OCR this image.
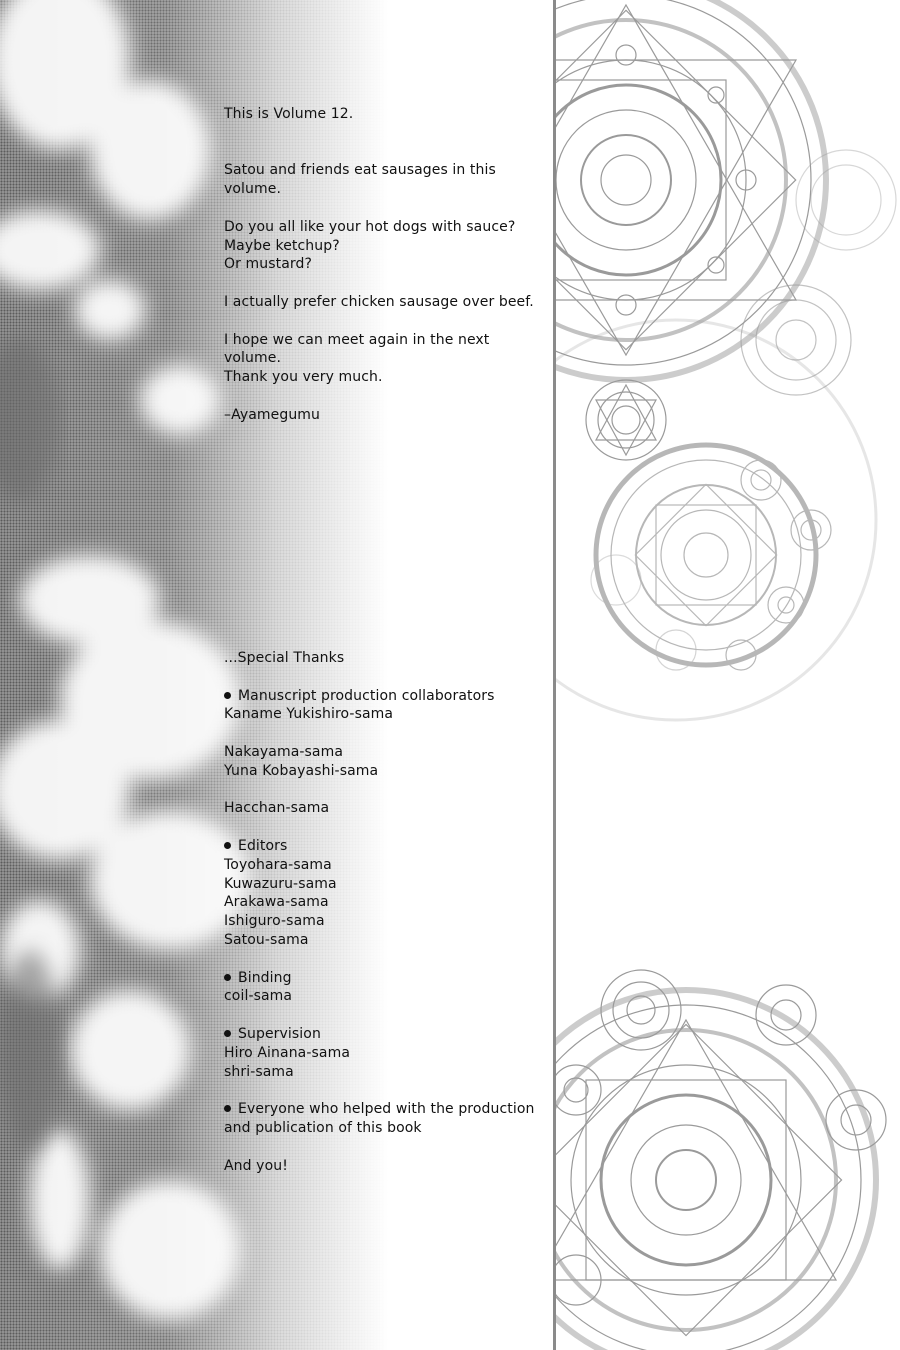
This is Volume 12.

Satou and friends eat sausages in this
volume.

Do you all like your hot dogs with sauce?
Maybe ketchup?
Or mustard?

I actually prefer chicken sausage over beef.

I hope we can meet again in the next
volume.
Thank you very much.

–Ayamegumu

...Special Thanks

Manuscript production collaborators

Kaname Yukishiro-sama

Nakayama-sama
Yuna Kobayashi-sama

Hacchan-sama

Editors

Toyohara-sama
Kuwazuru-sama
Arakawa-sama
Ishiguro-sama
Satou-sama

Binding

coil-sama

Supervision

Hiro Ainana-sama
shri-sama

Everyone who helped with the production
and publication of this book

And you!
